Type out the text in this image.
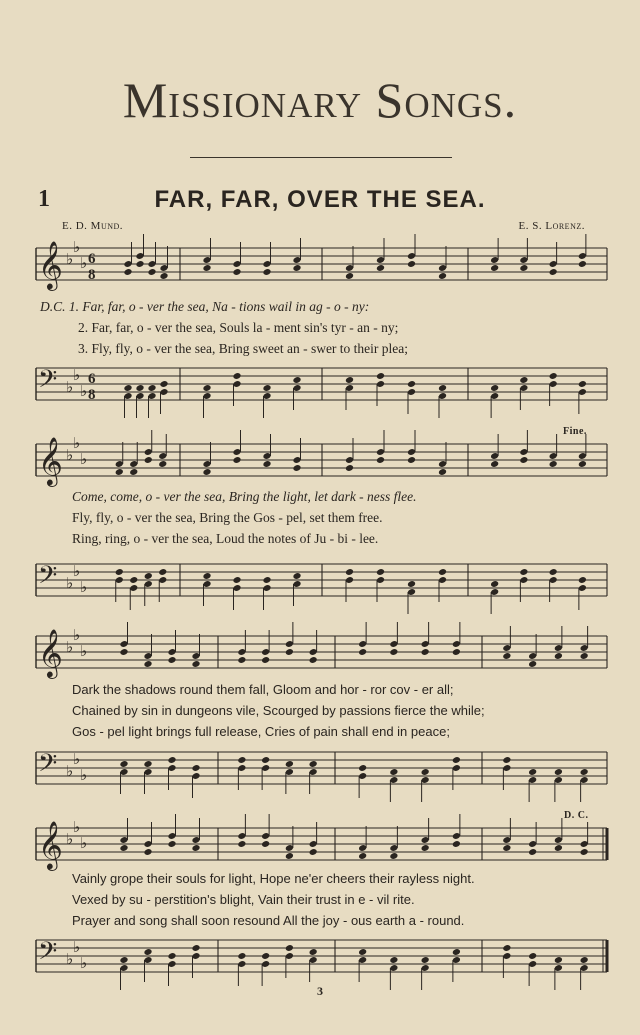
Missionary Songs.
1	FAR, FAR, OVER THE SEA.
E. D. Mund.	E. S. Lorenz.
𝄞 ♭
♭
♭ 6
8
D.C. 1. Far, far, o - ver the sea, Na - tions wail in ag - o - ny:
2. Far, far, o - ver the sea, Souls la - ment sin's tyr - an - ny;
3. Fly, fly, o - ver the sea, Bring sweet an - swer to their plea;
𝄢 ♭
♭
♭
6
8
Fine.
𝄞 ♭
♭
♭
Come, come, o - ver the sea, Bring the light, let dark - ness flee.
Fly, fly, o - ver the sea, Bring the Gos - pel, set them free.
Ring, ring, o - ver the sea, Loud the notes of Ju - bi - lee.
𝄢 ♭
♭
♭
𝄞 ♭
♭
♭
Dark the shadows round them fall, Gloom and hor - ror cov - er all;
Chained by sin in dungeons vile, Scourged by passions fierce the while;
Gos - pel light brings full release, Cries of pain shall end in peace;
𝄢 ♭
♭
♭
D. C.
𝄞 ♭
♭
♭
Vainly grope their souls for light, Hope ne'er cheers their rayless night.
Vexed by su - perstition's blight, Vain their trust in e - vil rite.
Prayer and song shall soon resound All the joy - ous earth a - round.
𝄢 ♭
♭
♭
3
